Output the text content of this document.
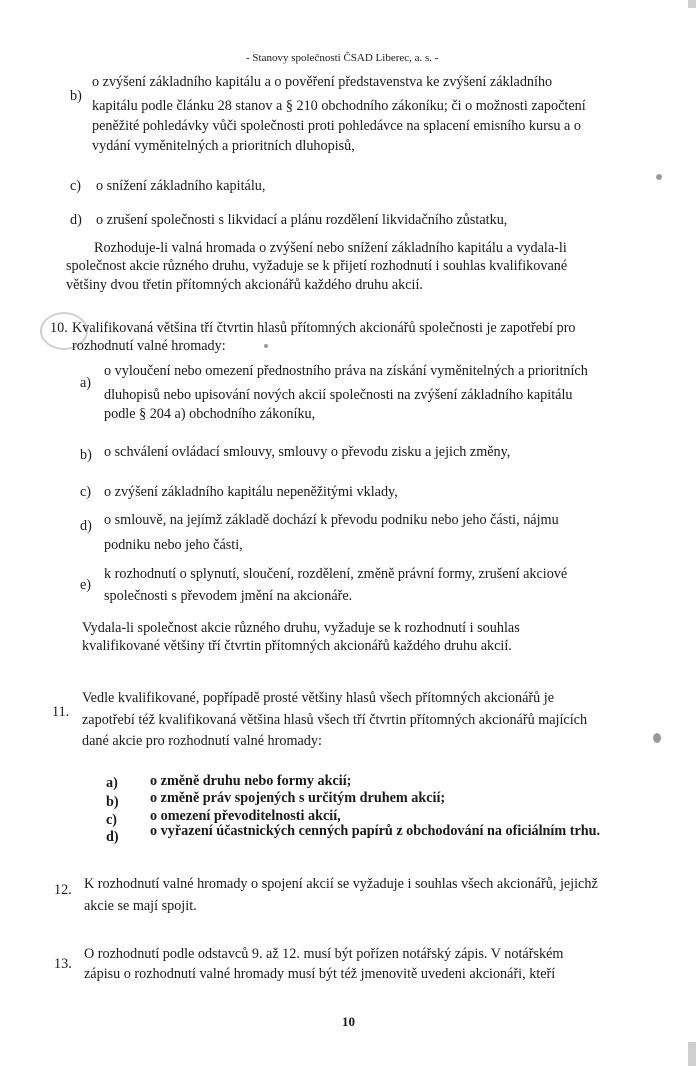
- Stanovy společnosti ČSAD Liberec, a. s. -
b)
o zvýšení základního kapitálu a o pověření představenstva ke zvýšení základního
kapitálu podle článku 28 stanov a § 210 obchodního zákoníku; či o možnosti započtení
peněžité pohledávky vůči společnosti proti pohledávce na splacení emisního kursu a o
vydání vyměnitelných a prioritních dluhopisů,
c) o snížení základního kapitálu,
d) o zrušení společnosti s likvidací a plánu rozdělení likvidačního zůstatku,
Rozhoduje-li valná hromada o zvýšení nebo snížení základního kapitálu a vydala-li
společnost akcie různého druhu, vyžaduje se k přijetí rozhodnutí i souhlas kvalifikované
většiny dvou třetin přítomných akcionářů každého druhu akcií.
10. Kvalifikovaná většina tří čtvrtin hlasů přítomných akcionářů společnosti je zapotřebí pro
rozhodnutí valné hromady:
a)
o vyloučení nebo omezení přednostního práva na získání vyměnitelných a prioritních
dluhopisů nebo upisování nových akcií společnosti na zvýšení základního kapitálu
podle § 204 a) obchodního zákoníku,
b) o schválení ovládací smlouvy, smlouvy o převodu zisku a jejich změny,
c) o zvýšení základního kapitálu nepeněžitými vklady,
d) o smlouvě, na jejímž základě dochází k převodu podniku nebo jeho části, nájmu
podniku nebo jeho části,
e)
k rozhodnutí o splynutí, sloučení, rozdělení, změně právní formy, zrušení akciové
společnosti s převodem jmění na akcionáře.
Vydala-li společnost akcie různého druhu, vyžaduje se k rozhodnutí i souhlas
kvalifikované většiny tří čtvrtin přítomných akcionářů každého druhu akcií.
11.
Vedle kvalifikované, popřípadě prosté většiny hlasů všech přítomných akcionářů je
zapotřebí též kvalifikovaná většina hlasů všech tří čtvrtin přítomných akcionářů majících
dané akcie pro rozhodnutí valné hromady:
a) o změně druhu nebo formy akcií;
b) o změně práv spojených s určitým druhem akcií;
c) o omezení převoditelnosti akcií,
d) o vyřazení účastnických cenných papírů z obchodování na oficiálním trhu.
12. K rozhodnutí valné hromady o spojení akcií se vyžaduje i souhlas všech akcionářů, jejichž
akcie se mají spojit.
13.
O rozhodnutí podle odstavců 9. až 12. musí být pořízen notářský zápis. V notářském
zápisu o rozhodnutí valné hromady musí být též jmenovitě uvedeni akcionáři, kteří
10
